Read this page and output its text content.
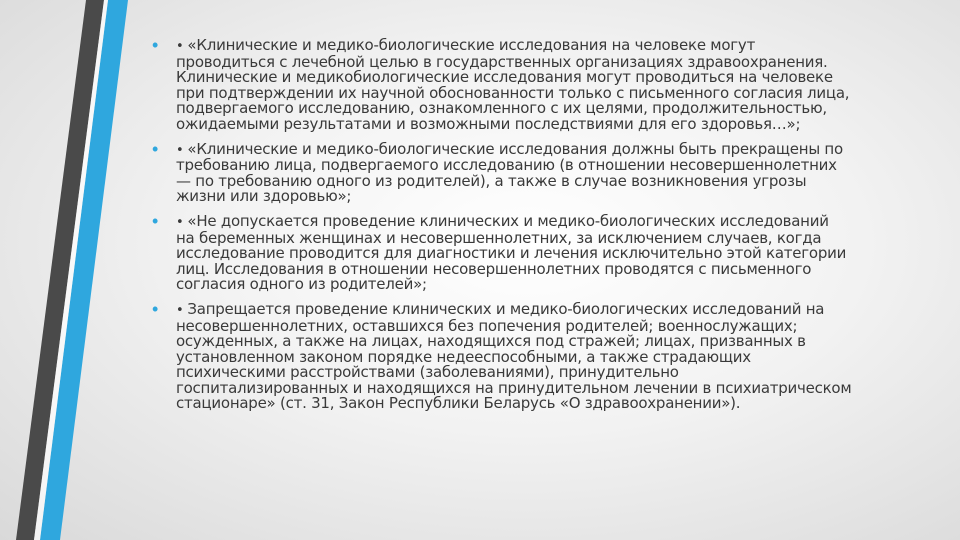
• • «Клинические и медико-биологические исследования на человеке могут
проводиться с лечебной целью в государственных организациях здравоохранения.
Клинические и медикобиологические исследования могут проводиться на человеке
при подтверждении их научной обоснованности только с письменного согласия лица,
подвергаемого исследованию, ознакомленного с их целями, продолжительностью,
ожидаемыми результатами и возможными последствиями для его здоровья…»;
• • «Клинические и медико-биологические исследования должны быть прекращены по
требованию лица, подвергаемого исследованию (в отношении несовершеннолетних
— по требованию одного из родителей), а также в случае возникновения угрозы
жизни или здоровью»;
• • «Не допускается проведение клинических и медико-биологических исследований
на беременных женщинах и несовершеннолетних, за исключением случаев, когда
исследование проводится для диагностики и лечения исключительно этой категории
лиц. Исследования в отношении несовершеннолетних проводятся с письменного
согласия одного из родителей»;
• • Запрещается проведение клинических и медико-биологических исследований на
несовершеннолетних, оставшихся без попечения родителей; военнослужащих;
осужденных, а также на лицах, находящихся под стражей; лицах, призванных в
установленном законом порядке недееспособными, а также страдающих
психическими расстройствами (заболеваниями), принудительно
госпитализированных и находящихся на принудительном лечении в психиатрическом
стационаре» (ст. 31, Закон Республики Беларусь «О здравоохранении»).
